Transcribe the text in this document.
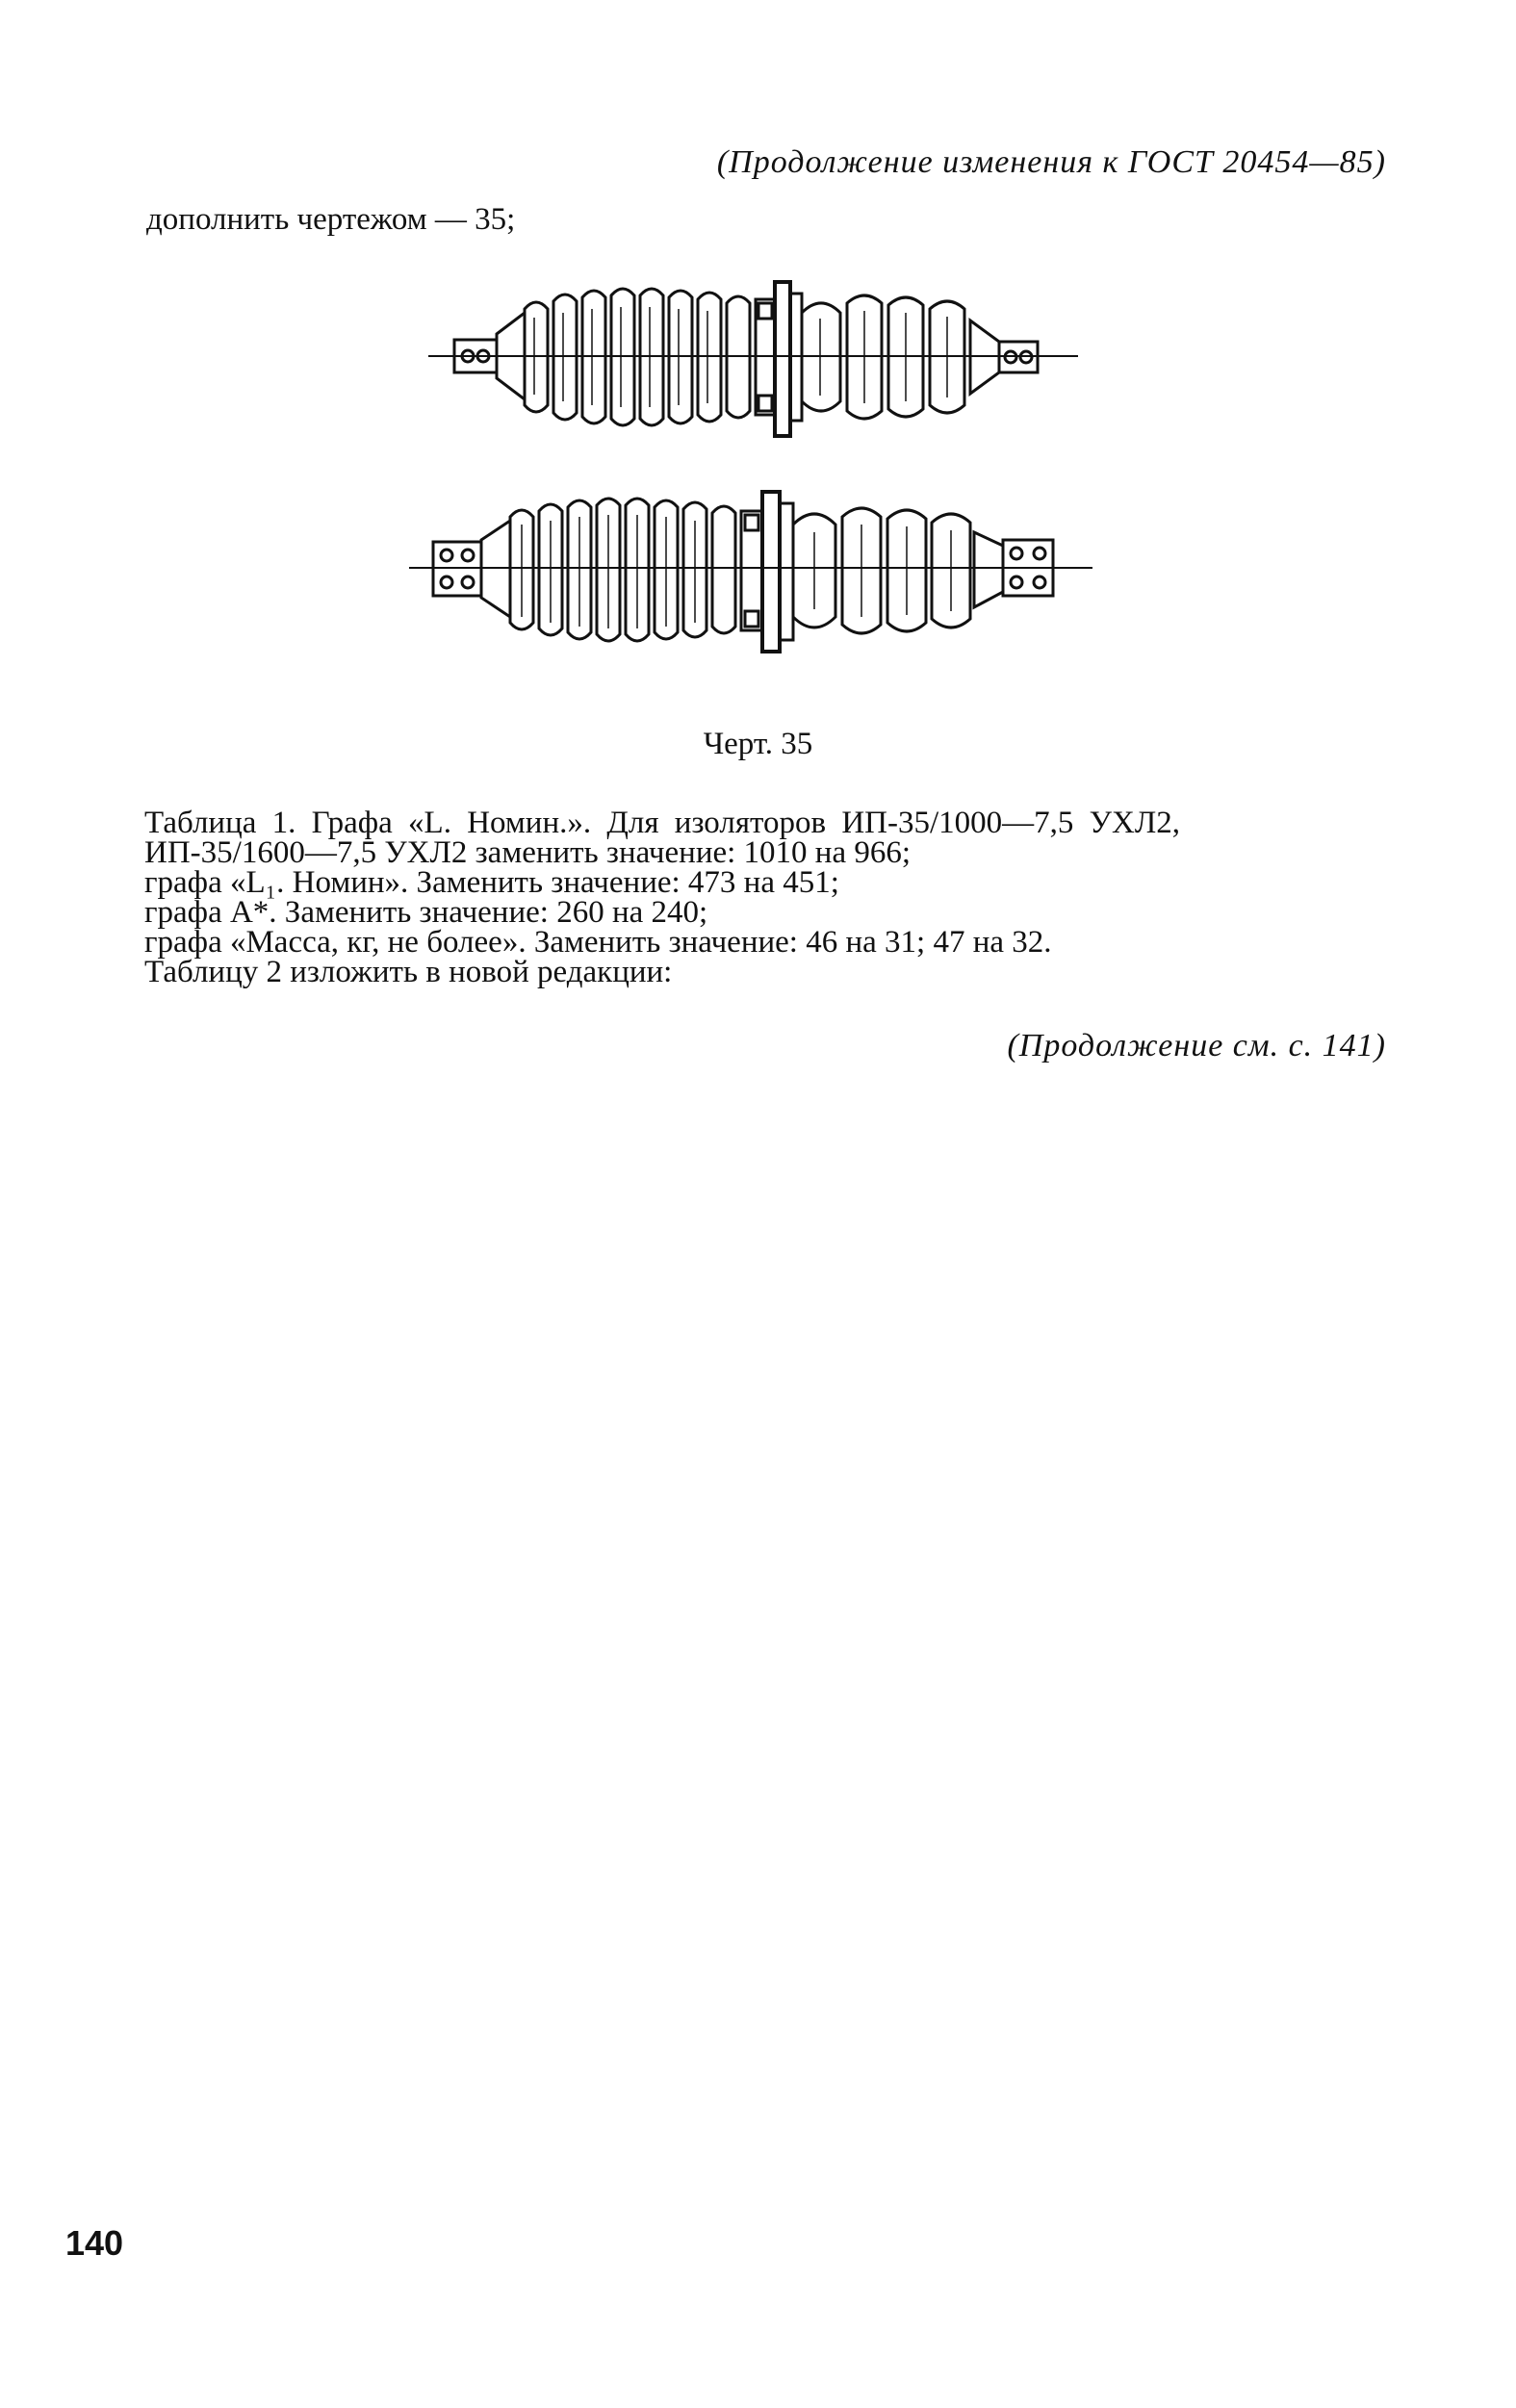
(Продолжение изменения к ГОСТ 20454—85)
дополнить чертежом — 35;
Черт. 35
Таблица 1. Графа «L. Номин.». Для изоляторов ИП-35/1000—7,5 УХЛ2,
ИП-35/1600—7,5 УХЛ2 заменить значение: 1010 на 966;
графа «L₁. Номин». Заменить значение: 473 на 451;
графа A*. Заменить значение: 260 на 240;
графа «Масса, кг, не более». Заменить значение: 46 на 31; 47 на 32.
Таблицу 2 изложить в новой редакции:
(Продолжение см. с. 141)
140
